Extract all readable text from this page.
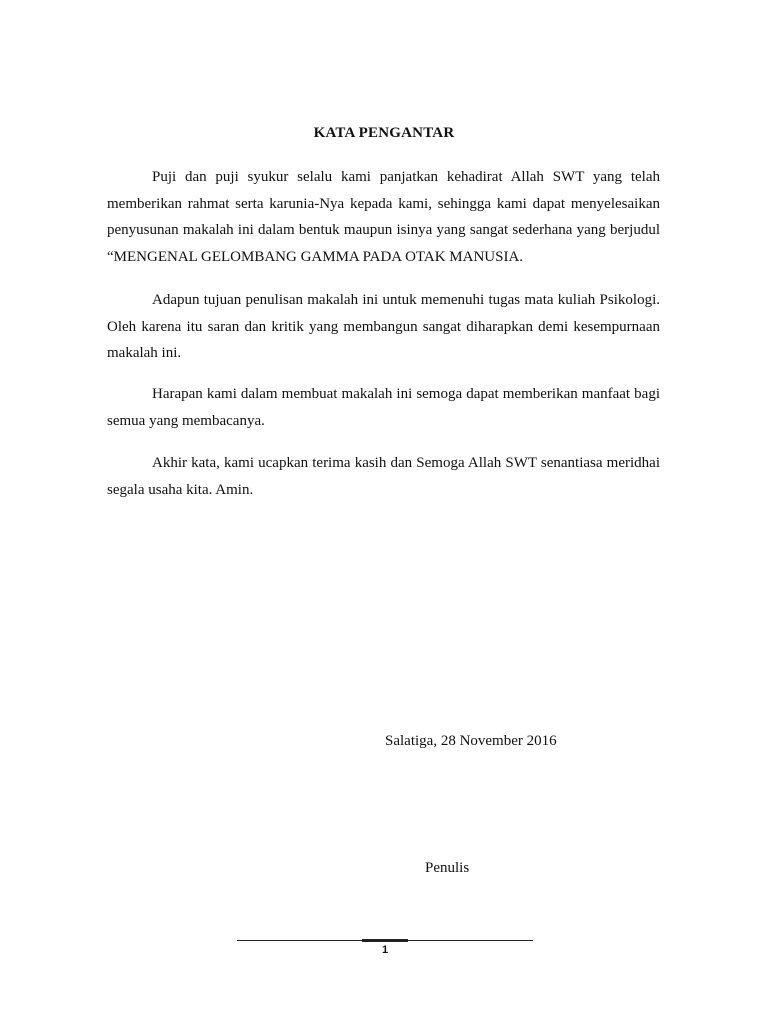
KATA PENGANTAR

Puji dan puji syukur selalu kami panjatkan kehadirat Allah SWT yang telah memberikan rahmat serta karunia-Nya kepada kami, sehingga kami dapat menyelesaikan penyusunan makalah ini dalam bentuk maupun isinya yang sangat sederhana yang berjudul “MENGENAL GELOMBANG GAMMA PADA OTAK MANUSIA.

Adapun tujuan penulisan makalah ini untuk memenuhi tugas mata kuliah Psikologi. Oleh karena itu saran dan kritik yang membangun sangat diharapkan demi kesempurnaan makalah ini.

Harapan kami dalam membuat makalah ini semoga dapat memberikan manfaat bagi semua yang membacanya.

Akhir kata, kami ucapkan terima kasih dan Semoga Allah SWT senantiasa meridhai segala usaha kita. Amin.

Salatiga, 28 November 2016
Penulis
1
